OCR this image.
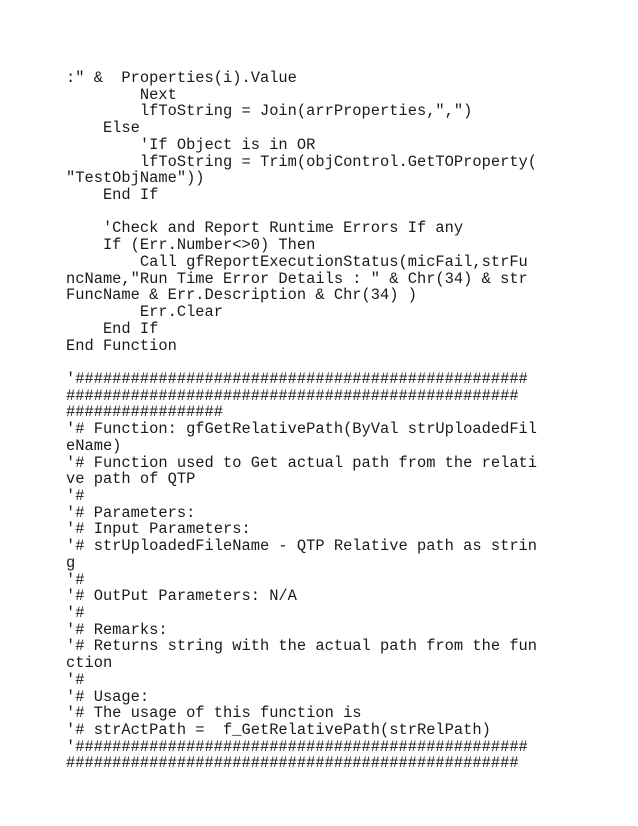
:" &  Properties(i).Value
Next
lfToString = Join(arrProperties,",")
Else
'If Object is in OR
lfToString = Trim(objControl.GetTOProperty(
"TestObjName"))
End If
'Check and Report Runtime Errors If any
If (Err.Number<>0) Then
Call gfReportExecutionStatus(micFail,strFu
ncName,"Run Time Error Details : " & Chr(34) & str
FuncName & Err.Description & Chr(34) )
Err.Clear
End If
End Function
'#################################################
#################################################
#################
'# Function: gfGetRelativePath(ByVal strUploadedFil
eName)
'# Function used to Get actual path from the relati
ve path of QTP
'#
'# Parameters:
'# Input Parameters:
'# strUploadedFileName - QTP Relative path as strin
g
'#
'# OutPut Parameters: N/A
'#
'# Remarks:
'# Returns string with the actual path from the fun
ction
'#
'# Usage:
'# The usage of this function is
'# strActPath =  f_GetRelativePath(strRelPath)
'#################################################
#################################################
